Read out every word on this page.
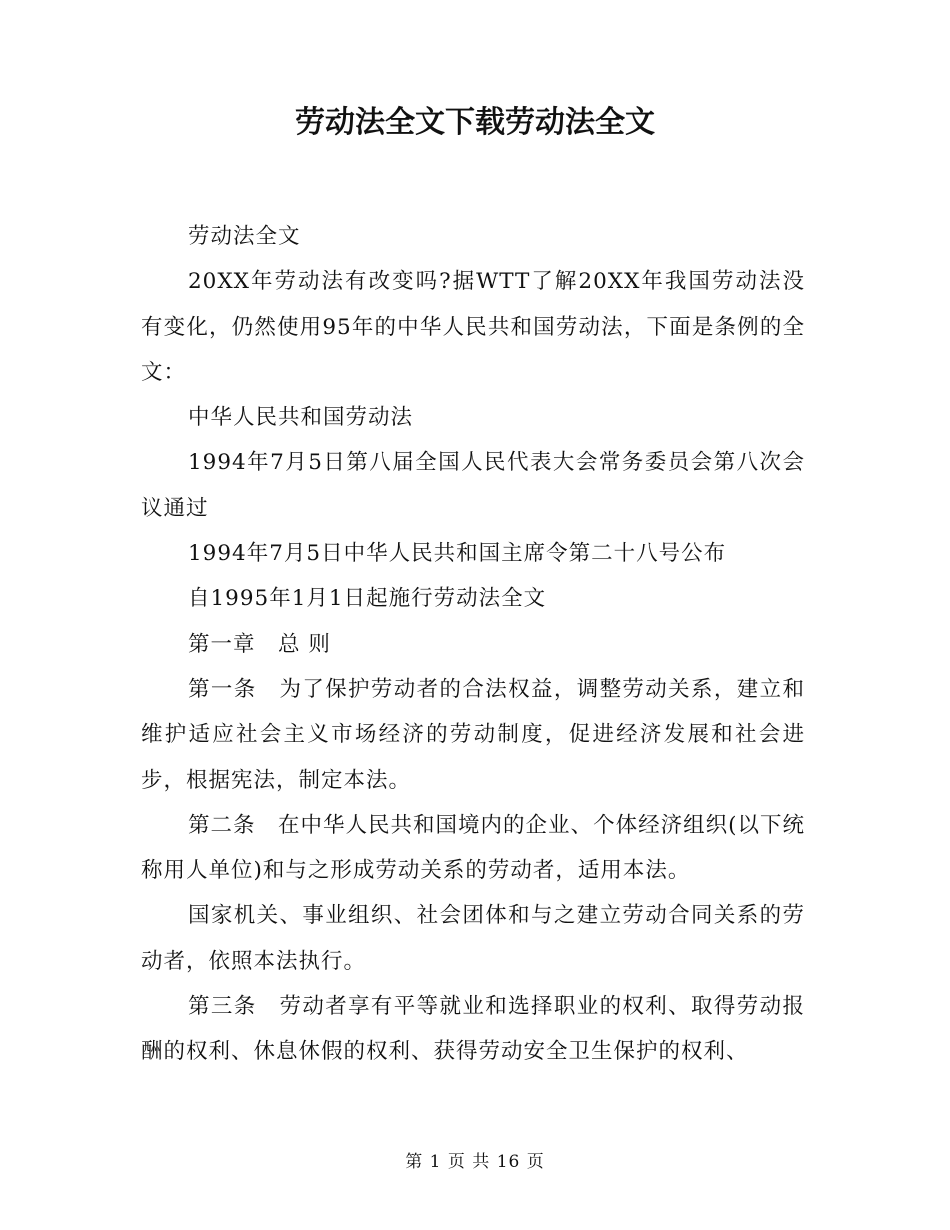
劳动法全文下载劳动法全文

劳动法全文

20XX年劳动法有改变吗?据WTT了解20XX年我国劳动法没有变化，仍然使用95年的中华人民共和国劳动法，下面是条例的全文：

中华人民共和国劳动法

1994年7月5日第八届全国人民代表大会常务委员会第八次会议通过

1994年7月5日中华人民共和国主席令第二十八号公布

自1995年1月1日起施行劳动法全文

第一章　总 则

第一条　为了保护劳动者的合法权益，调整劳动关系，建立和维护适应社会主义市场经济的劳动制度，促进经济发展和社会进步，根据宪法，制定本法。

第二条　在中华人民共和国境内的企业、个体经济组织(以下统称用人单位)和与之形成劳动关系的劳动者，适用本法。

国家机关、事业组织、社会团体和与之建立劳动合同关系的劳动者，依照本法执行。

第三条　劳动者享有平等就业和选择职业的权利、取得劳动报酬的权利、休息休假的权利、获得劳动安全卫生保护的权利、

第 1 页 共 16 页
